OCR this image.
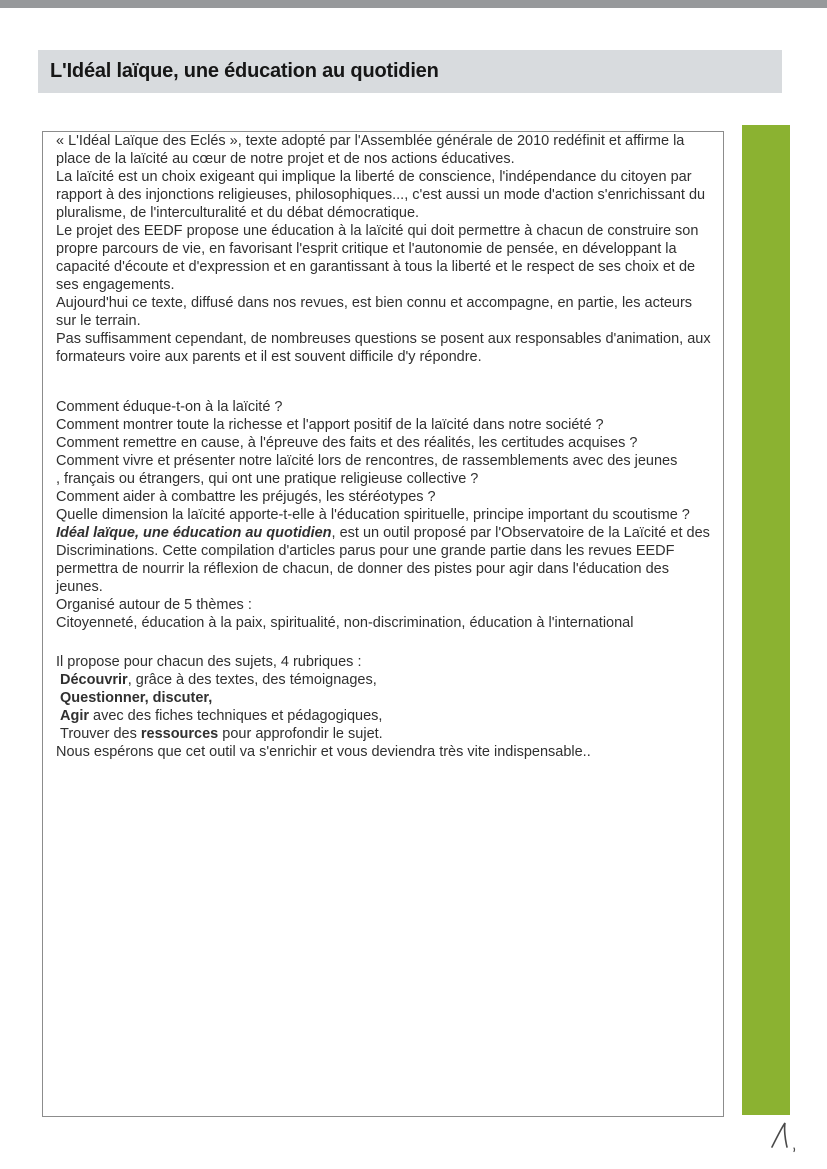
L'Idéal laïque, une éducation au quotidien

« L'Idéal Laïque des Eclés », texte adopté par l'Assemblée générale de 2010 redéfinit et affirme la place de la laïcité au cœur de notre projet et de nos actions éducatives.

La laïcité est un choix exigeant qui implique la liberté de conscience, l'indépendance du citoyen par rapport à des injonctions religieuses, philosophiques..., c'est aussi un mode d'action s'enrichissant du pluralisme, de l'interculturalité et du débat démocratique.

Le projet des EEDF propose une éducation à la laïcité qui doit permettre à chacun de construire son propre parcours de vie, en favorisant l'esprit critique et l'autonomie de pensée, en développant la capacité d'écoute et d'expression et en garantissant à tous la liberté et le respect de ses choix et de ses engagements.

Aujourd'hui ce texte, diffusé dans nos revues, est bien connu et accompagne, en partie, les acteurs sur le terrain.

Pas suffisamment cependant, de nombreuses questions se posent aux responsables d'animation, aux formateurs voire aux parents et il est souvent difficile d'y répondre.

Comment éduque-t-on à la laïcité ?
Comment montrer toute la richesse et l'apport positif de la laïcité dans notre société ?
Comment remettre en cause, à l'épreuve des faits et des réalités, les certitudes acquises ?
Comment vivre et présenter notre laïcité lors de rencontres, de rassemblements avec des jeunes
, français ou étrangers, qui ont une pratique religieuse collective ?
Comment aider à combattre les préjugés, les stéréotypes ?
Quelle dimension la laïcité apporte-t-elle à l'éducation spirituelle, principe important du scoutisme ?

Idéal laïque, une éducation au quotidien, est un outil proposé par l'Observatoire de la Laïcité et des Discriminations. Cette compilation d'articles parus pour une grande partie dans les revues EEDF permettra de nourrir la réflexion de chacun, de donner des pistes pour agir dans l'éducation des jeunes.

Organisé autour de 5 thèmes :

Citoyenneté, éducation à la paix, spiritualité, non-discrimination, éducation à l'international

Il propose pour chacun des sujets, 4 rubriques :
Découvrir, grâce à des textes, des témoignages,
Questionner, discuter,
Agir avec des fiches techniques et pédagogiques,
Trouver des ressources pour approfondir le sujet.

Nous espérons que cet outil va s'enrichir et vous deviendra très vite indispensable..
